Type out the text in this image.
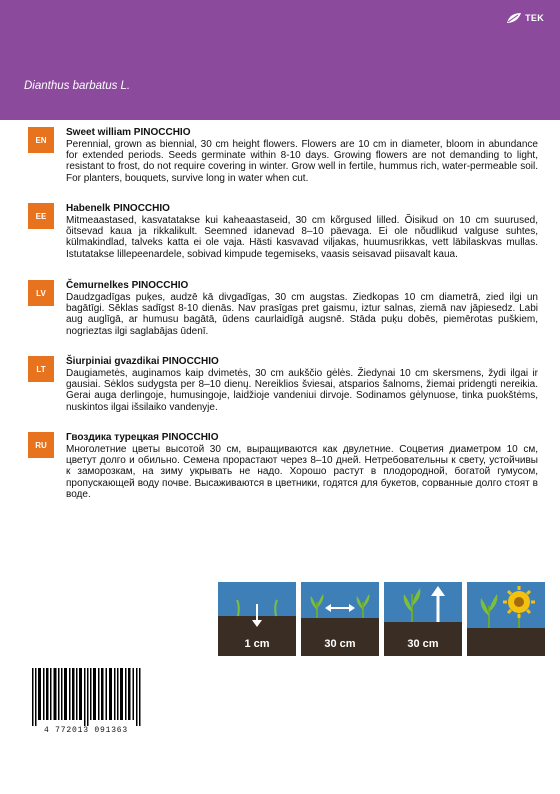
TEK
Dianthus barbatus L.
EN

Sweet william PINOCCHIO

Perennial, grown as biennial, 30 cm height flowers. Flowers are 10 cm in diameter, bloom in abundance for extended periods. Seeds germinate within 8-10 days. Growing flowers are not demanding to light, resistant to frost, do not require covering in winter. Grow well in fertile, hummus rich, water-permeable soil. For planters, bouquets, survive long in water when cut.

EE

Habenelk PINOCCHIO

Mitmeaastased, kasvatatakse kui kaheaastaseid, 30 cm kõrgused lilled. Õisikud on 10 cm suurused, õitsevad kaua ja rikkalikult. Seemned idanevad 8–10 päevaga. Ei ole nõudlikud valguse suhtes, külmakindlad, talveks katta ei ole vaja. Hästi kasvavad viljakas, huumusrikkas, vett läbilaskvas mullas. Istutatakse lillepeenardele, sobivad kimpude tegemiseks, vaasis seisavad piisavalt kaua.

LV

Čemurnelkes PINOCCHIO

Daudzgadīgas puķes, audzē kā divgadīgas, 30 cm augstas. Ziedkopas 10 cm diametrā, zied ilgi un bagātīgi. Sēklas sadīgst 8-10 dienās. Nav prasīgas pret gaismu, iztur salnas, ziemā nav jāpiesedz. Labi aug auglīgā, ar humusu bagātā, ūdens caurlaidīgā augsnē. Stāda puķu dobēs, piemērotas puškiem, nogrieztas ilgi saglabājas ūdenī.

LT

Šiurpiniai gvazdikai PINOCCHIO

Daugiametės, auginamos kaip dvimetės, 30 cm aukščio gėlės. Žiedynai 10 cm skersmens, žydi ilgai ir gausiai. Sėklos sudygsta per 8–10 dienų. Nereiklios šviesai, atsparios šalnoms, žiemai pridengti nereikia. Gerai auga derlingoje, humusingoje, laidžioje vandeniui dirvoje. Sodinamos gėlynuose, tinka puokštėms, nuskintos ilgai išsilaiko vandenyje.

RU

Гвоздика турецкая PINOCCHIO

Многолетние цветы высотой 30 см, выращиваются как двулетние. Соцветия диаметром 10 см, цветут долго и обильно. Семена прорастают через 8–10 дней. Нетребовательны к свету, устойчивы к заморозкам, на зиму укрывать не надо. Хорошо растут в плодородной, богатой гумусом, пропускающей воду почве. Высаживаются в цветники, годятся для букетов, сорванные долго стоят в воде.

1 cm	30 cm	30 cm
4 772013 091363
